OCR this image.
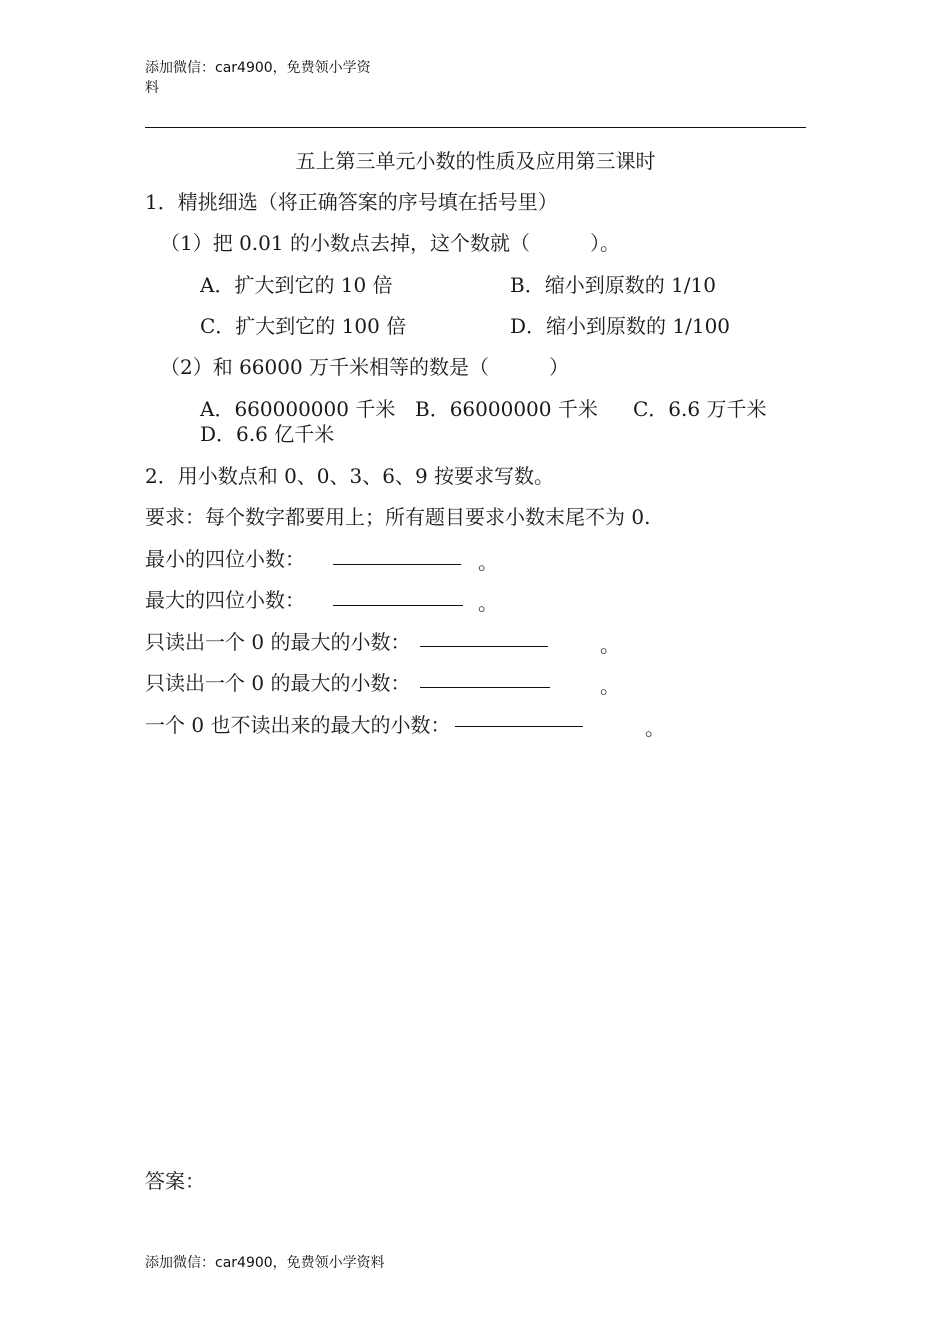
添加微信：car4900，免费领小学资
料
五上第三单元小数的性质及应用第三课时
1．精挑细选（将正确答案的序号填在括号里）
（1）把 0.01 的小数点去掉，这个数就（　　　）。
A．扩大到它的 10 倍	B．缩小到原数的 1/10
C．扩大到它的 100 倍	D．缩小到原数的 1/100
（2）和 66000 万千米相等的数是（　　　）
A．660000000 千米 B．66000000 千米 C．6.6 万千米
D．6.6 亿千米
2．用小数点和 0、0、3、6、9 按要求写数。
要求：每个数字都要用上；所有题目要求小数末尾不为 0.
最小的四位小数：	。
最大的四位小数：	。
只读出一个 0 的最大的小数：	。
只读出一个 0 的最大的小数：	。
一个 0 也不读出来的最大的小数：	。
答案：
添加微信：car4900，免费领小学资料
